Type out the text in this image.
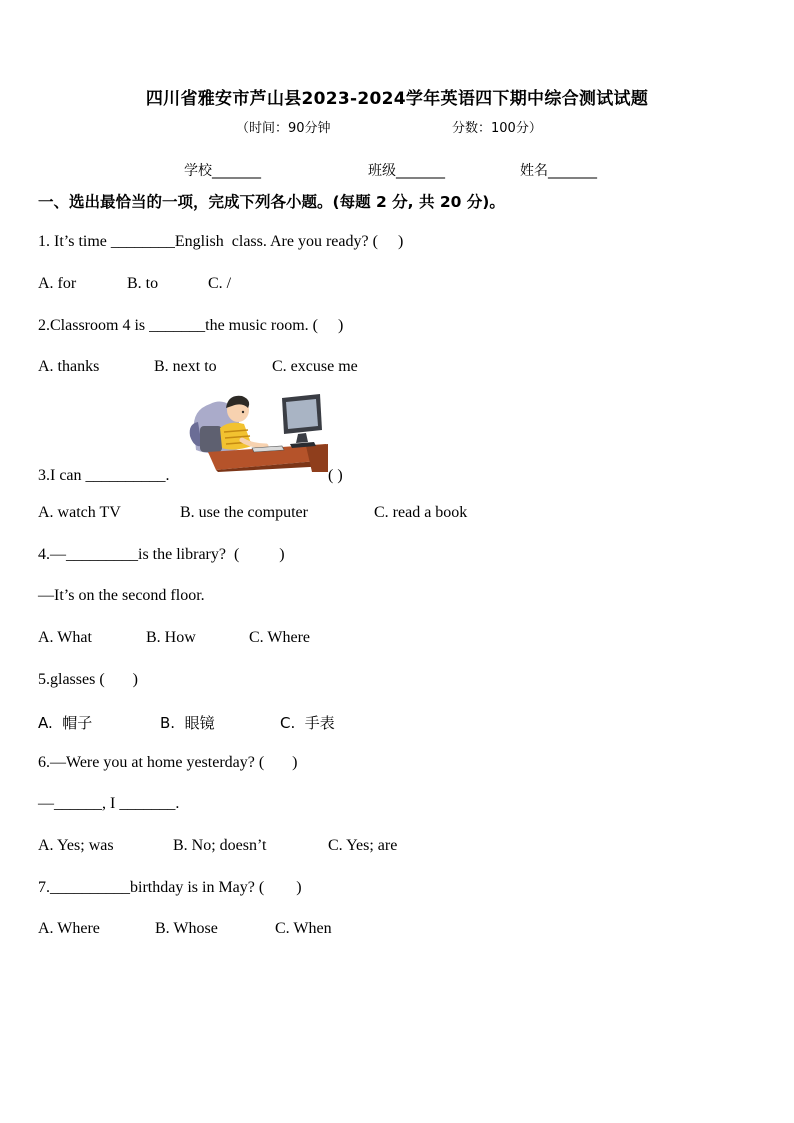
四川省雅安市芦山县2023-2024学年英语四下期中综合测试试题
（时间：90分钟	分数：100分）
学校_______	班级_______	姓名_______
一、选出最恰当的一项，完成下列各小题。(每题 2 分, 共 20 分)。
1. It’s time ________English  class. Are you ready? (     )
A. for	B. to	C. /
2.Classroom 4 is _______the music room. (     )
A. thanks	B. next to	C. excuse me
3.I can __________.	( )
A. watch TV	B. use the computer	C. read a book
4.—_________is the library?  (          )
—It’s on the second floor.
A. What	B. How	C. Where
5.glasses (       )
A.  帽子	B.  眼镜	C.  手表
6.—Were you at home yesterday? (       )
—______, I _______.
A. Yes; was	B. No; doesn’t	C. Yes; are
7.__________birthday is in May? (        )
A. Where	B. Whose	C. When
